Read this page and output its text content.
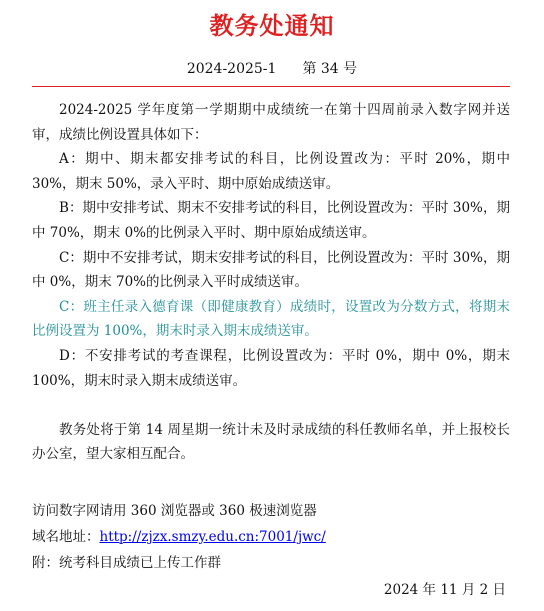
教务处通知
2024-2025-1 第 34 号

2024-2025 学年度第一学期期中成绩统一在第十四周前录入数字网并送审，成绩比例设置具体如下：

A：期中、期末都安排考试的科目，比例设置改为：平时 20%，期中 30%，期末 50%，录入平时、期中原始成绩送审。

B：期中安排考试、期末不安排考试的科目，比例设置改为：平时 30%，期中 70%，期末 0%的比例录入平时、期中原始成绩送审。

C：期中不安排考试，期末安排考试的科目，比例设置改为：平时 30%，期中 0%，期末 70%的比例录入平时成绩送审。

C：班主任录入德育课（即健康教育）成绩时，设置改为分数方式，将期末比例设置为 100%，期末时录入期末成绩送审。

D：不安排考试的考查课程，比例设置改为：平时 0%，期中 0%，期末 100%，期末时录入期末成绩送审。

教务处将于第 14 周星期一统计未及时录成绩的科任教师名单，并上报校长办公室，望大家相互配合。

访问数字网请用 360 浏览器或 360 极速浏览器

域名地址：http://zjzx.smzy.edu.cn:7001/jwc/

附：统考科目成绩已上传工作群

2024 年 11 月 2 日
